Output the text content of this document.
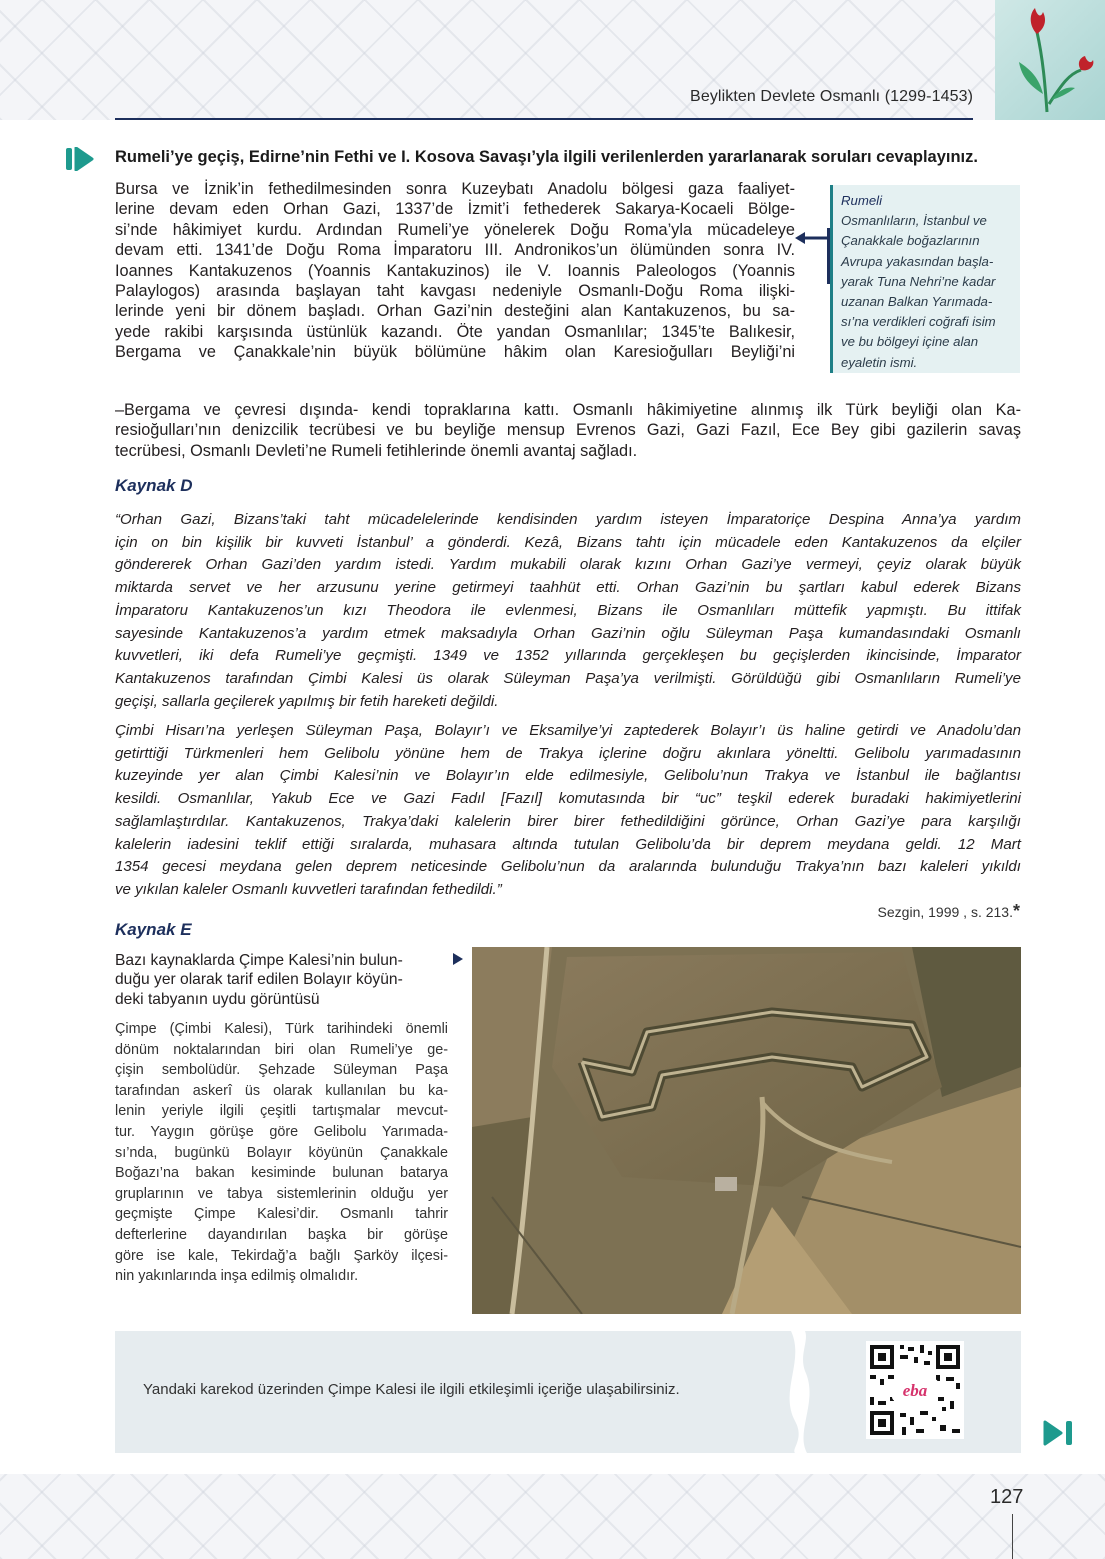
Beylikten Devlete Osmanlı (1299-1453)
Rumeli’ye geçiş, Edirne’nin Fethi ve I. Kosova Savaşı’yla ilgili verilenlerden yararlanarak soruları cevaplayınız.
Bursa ve İznik’in fethedilmesinden sonra Kuzeybatı Anadolu bölgesi gaza faaliyet-
lerine devam eden Orhan Gazi, 1337’de İzmit’i fethederek Sakarya-Kocaeli Bölge-
si’nde hâkimiyet kurdu. Ardından Rumeli’ye yönelerek Doğu Roma’yla mücadeleye
devam etti. 1341’de Doğu Roma İmparatoru III. Andronikos’un ölümünden sonra IV.
Ioannes Kantakuzenos (Yoannis Kantakuzinos) ile V. Ioannis Paleologos (Yoannis
Palaylogos) arasında başlayan taht kavgası nedeniyle Osmanlı-Doğu Roma ilişki-
lerinde yeni bir dönem başladı. Orhan Gazi’nin desteğini alan Kantakuzenos, bu sa-
yede rakibi karşısında üstünlük kazandı. Öte yandan Osmanlılar; 1345’te Balıkesir,
Bergama ve Çanakkale’nin büyük bölümüne hâkim olan Karesioğulları Beyliği’ni
–Bergama ve çevresi dışında- kendi topraklarına kattı. Osmanlı hâkimiyetine alınmış ilk Türk beyliği olan Ka-
resioğulları’nın denizcilik tecrübesi ve bu beyliğe mensup Evrenos Gazi, Gazi Fazıl, Ece Bey gibi gazilerin savaş
tecrübesi, Osmanlı Devleti’ne Rumeli fetihlerinde önemli avantaj sağladı.
Rumeli
Osmanlıların, İstanbul ve
Çanakkale boğazlarının
Avrupa yakasından başla-
yarak Tuna Nehri’ne kadar
uzanan Balkan Yarımada-
sı’na verdikleri coğrafi isim
ve bu bölgeyi içine alan
eyaletin ismi.
Kaynak D
“Orhan Gazi, Bizans’taki taht mücadelelerinde kendisinden yardım isteyen İmparatoriçe Despina Anna’ya yardım
için on bin kişilik bir kuvveti İstanbul’ a gönderdi. Kezâ, Bizans tahtı için mücadele eden Kantakuzenos da elçiler
göndererek Orhan Gazi’den yardım istedi. Yardım mukabili olarak kızını Orhan Gazi’ye vermeyi, çeyiz olarak büyük
miktarda servet ve her arzusunu yerine getirmeyi taahhüt etti. Orhan Gazi’nin bu şartları kabul ederek Bizans
İmparatoru Kantakuzenos’un kızı Theodora ile evlenmesi, Bizans ile Osmanlıları müttefik yapmıştı. Bu ittifak
sayesinde Kantakuzenos’a yardım etmek maksadıyla Orhan Gazi’nin oğlu Süleyman Paşa kumandasındaki Osmanlı
kuvvetleri, iki defa Rumeli’ye geçmişti. 1349 ve 1352 yıllarında gerçekleşen bu geçişlerden ikincisinde, İmparator
Kantakuzenos tarafından Çimbi Kalesi üs olarak Süleyman Paşa’ya verilmişti. Görüldüğü gibi Osmanlıların Rumeli’ye
geçişi, sallarla geçilerek yapılmış bir fetih hareketi değildi.
Çimbi Hisarı’na yerleşen Süleyman Paşa, Bolayır’ı ve Eksamilye’yi zaptederek Bolayır’ı üs haline getirdi ve Anadolu’dan
getirttiği Türkmenleri hem Gelibolu yönüne hem de Trakya içlerine doğru akınlara yöneltti. Gelibolu yarımadasının
kuzeyinde yer alan Çimbi Kalesi’nin ve Bolayır’ın elde edilmesiyle, Gelibolu’nun Trakya ve İstanbul ile bağlantısı
kesildi. Osmanlılar, Yakub Ece ve Gazi Fadıl [Fazıl] komutasında bir “uc” teşkil ederek buradaki hakimiyetlerini
sağlamlaştırdılar. Kantakuzenos, Trakya’daki kalelerin birer birer fethedildiğini görünce, Orhan Gazi’ye para karşılığı
kalelerin iadesini teklif ettiği sıralarda, muhasara altında tutulan Gelibolu’da bir deprem meydana geldi. 12 Mart
1354 gecesi meydana gelen deprem neticesinde Gelibolu’nun da aralarında bulunduğu Trakya’nın bazı kaleleri yıkıldı
ve yıkılan kaleler Osmanlı kuvvetleri tarafından fethedildi.”
Sezgin, 1999 , s. 213.*
Kaynak E
Bazı kaynaklarda Çimpe Kalesi’nin bulun-
duğu yer olarak tarif edilen Bolayır köyün-
deki tabyanın uydu görüntüsü
Çimpe (Çimbi Kalesi), Türk tarihindeki önemli
dönüm noktalarından biri olan Rumeli’ye ge-
çişin sembolüdür. Şehzade Süleyman Paşa
tarafından askerî üs olarak kullanılan bu ka-
lenin yeriyle ilgili çeşitli tartışmalar mevcut-
tur. Yaygın görüşe göre Gelibolu Yarımada-
sı’nda, bugünkü Bolayır köyünün Çanakkale
Boğazı’na bakan kesiminde bulunan batarya
gruplarının ve tabya sistemlerinin olduğu yer
geçmişte Çimpe Kalesi’dir. Osmanlı tahrir
defterlerine dayandırılan başka bir görüşe
göre ise kale, Tekirdağ’a bağlı Şarköy ilçesi-
nin yakınlarında inşa edilmiş olmalıdır.
Yandaki karekod üzerinden Çimpe Kalesi ile ilgili etkileşimli içeriğe ulaşabilirsiniz.	eba
127
